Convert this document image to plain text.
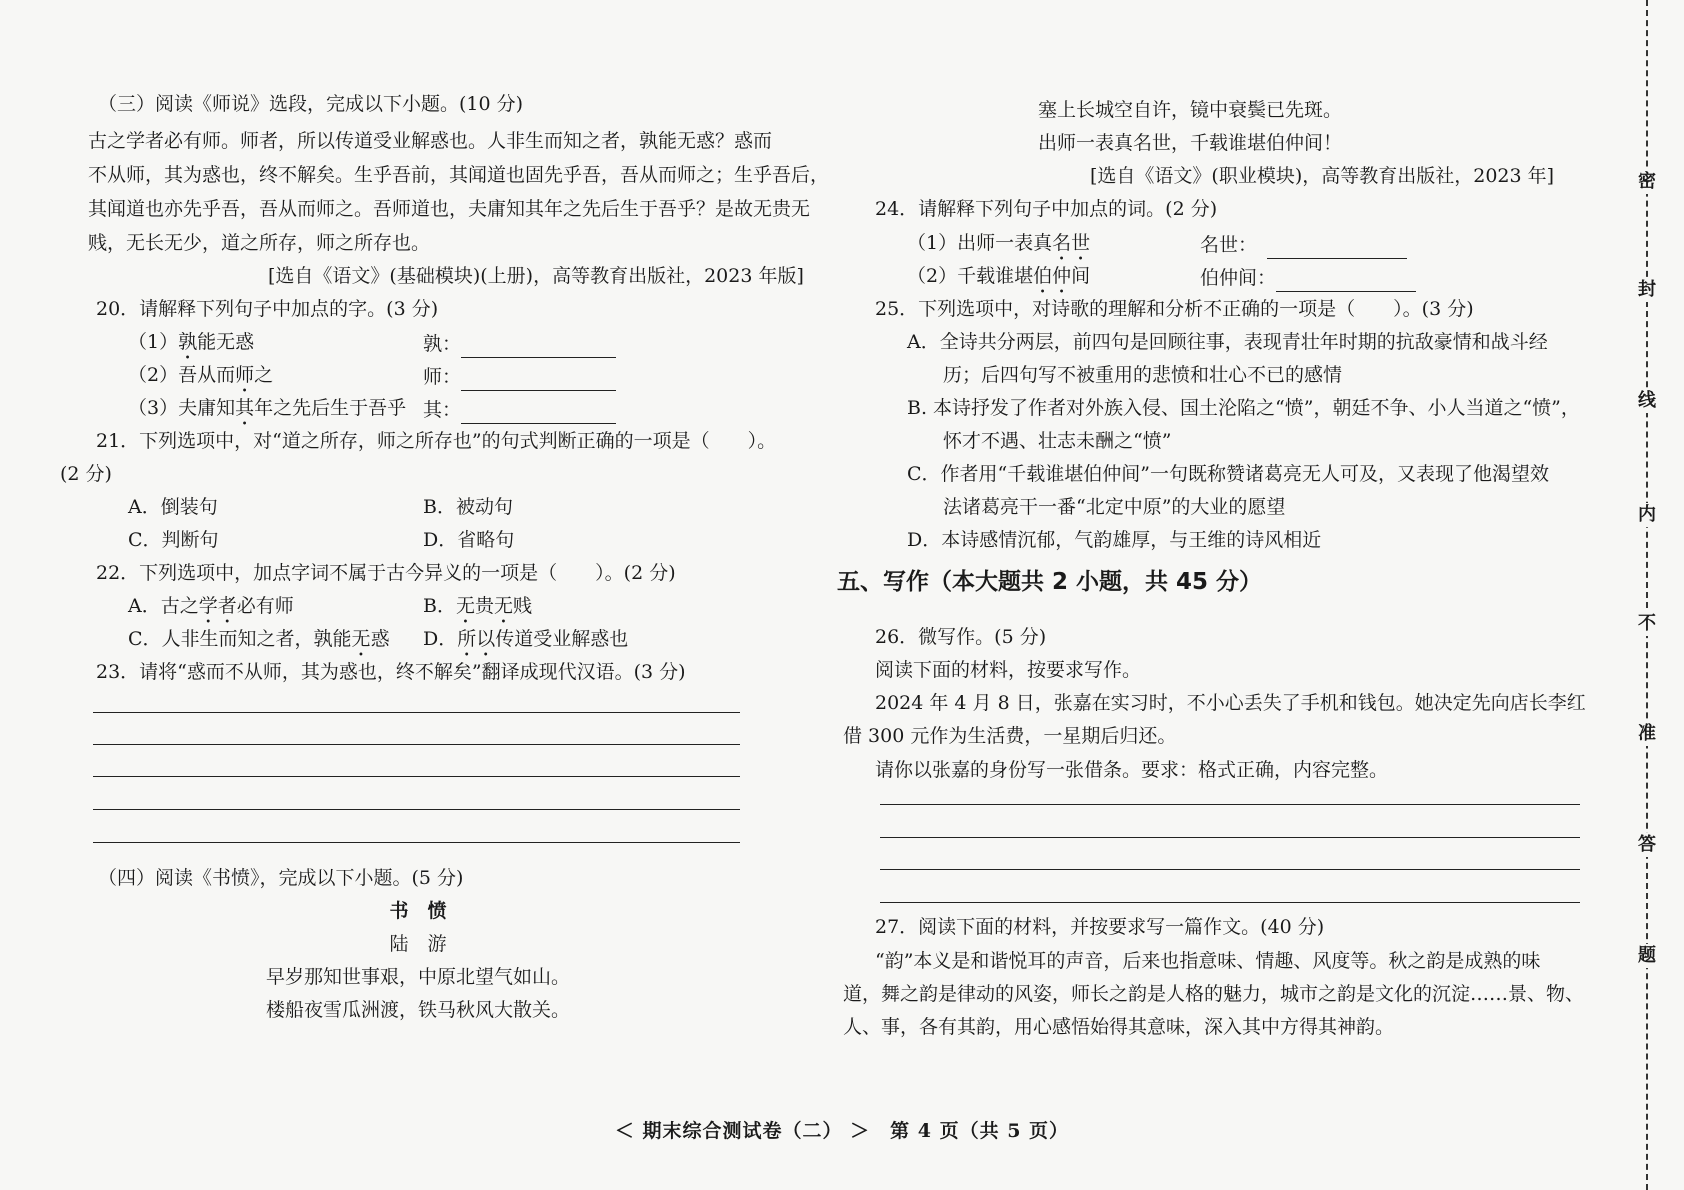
（三）阅读《师说》选段，完成以下小题。(10 分)
古之学者必有师。师者，所以传道受业解惑也。人非生而知之者，孰能无惑？惑而
不从师，其为惑也，终不解矣。生乎吾前，其闻道也固先乎吾，吾从而师之；生乎吾后，
其闻道也亦先乎吾，吾从而师之。吾师道也，夫庸知其年之先后生于吾乎？是故无贵无
贱，无长无少，道之所存，师之所存也。
[选自《语文》(基础模块)(上册)，高等教育出版社，2023 年版]
20．请解释下列句子中加点的字。(3 分)
（1）孰能无惑	孰：
（2）吾从而师之	师：
（3）夫庸知其年之先后生于吾乎 其：
21．下列选项中，对“道之所存，师之所存也”的句式判断正确的一项是（　　）。
(2 分)
A．倒装句	B．被动句
C．判断句	D．省略句
22．下列选项中，加点字词不属于古今异义的一项是（　　）。(2 分)
A．古之学者必有师	B．无贵无贱
C．人非生而知之者，孰能无惑 D．所以传道受业解惑也
23．请将“惑而不从师，其为惑也，终不解矣”翻译成现代汉语。(3 分)
（四）阅读《书愤》，完成以下小题。(5 分)
书　愤
陆　游
早岁那知世事艰，中原北望气如山。
楼船夜雪瓜洲渡，铁马秋风大散关。
塞上长城空自许，镜中衰鬓已先斑。
出师一表真名世，千载谁堪伯仲间！
[选自《语文》(职业模块)，高等教育出版社，2023 年]
24．请解释下列句子中加点的词。(2 分)
（1）出师一表真名世	名世：
（2）千载谁堪伯仲间	伯仲间：
25．下列选项中，对诗歌的理解和分析不正确的一项是（　　）。(3 分)
A．全诗共分两层，前四句是回顾往事，表现青壮年时期的抗敌豪情和战斗经
历；后四句写不被重用的悲愤和壮心不已的感情
B. 本诗抒发了作者对外族入侵、国土沦陷之“愤”，朝廷不争、小人当道之“愤”，
怀才不遇、壮志未酬之“愤”
C．作者用“千载谁堪伯仲间”一句既称赞诸葛亮无人可及，又表现了他渴望效
法诸葛亮干一番“北定中原”的大业的愿望
D．本诗感情沉郁，气韵雄厚，与王维的诗风相近
五、写作（本大题共 2 小题，共 45 分）
26．微写作。(5 分)
阅读下面的材料，按要求写作。
2024 年 4 月 8 日，张嘉在实习时，不小心丢失了手机和钱包。她决定先向店长李红
借 300 元作为生活费，一星期后归还。
请你以张嘉的身份写一张借条。要求：格式正确，内容完整。
27．阅读下面的材料，并按要求写一篇作文。(40 分)
“韵”本义是和谐悦耳的声音，后来也指意味、情趣、风度等。秋之韵是成熟的味
道，舞之韵是律动的风姿，师长之韵是人格的魅力，城市之韵是文化的沉淀……景、物、
人、事，各有其韵，用心感悟始得其意味，深入其中方得其神韵。
＜ 期末综合测试卷（二） ＞　第 4 页（共 5 页）
密
封
线
内
不
准
答
题
